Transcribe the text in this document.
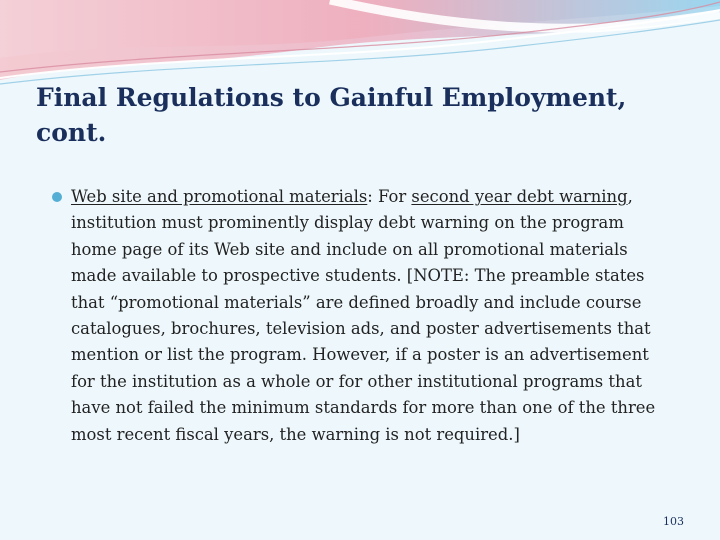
Final Regulations to Gainful Employment, cont.
Web site and promotional materials: For second year debt warning, institution must prominently display debt warning on the program home page of its Web site and include on all promotional materials made available to prospective students. [NOTE: The preamble states that “promotional materials” are defined broadly and include course catalogues, brochures, television ads, and poster advertisements that mention or list the program. However, if a poster is an advertisement for the institution as a whole or for other institutional programs that have not failed the minimum standards for more than one of the three most recent fiscal years, the warning is not required.]
103
